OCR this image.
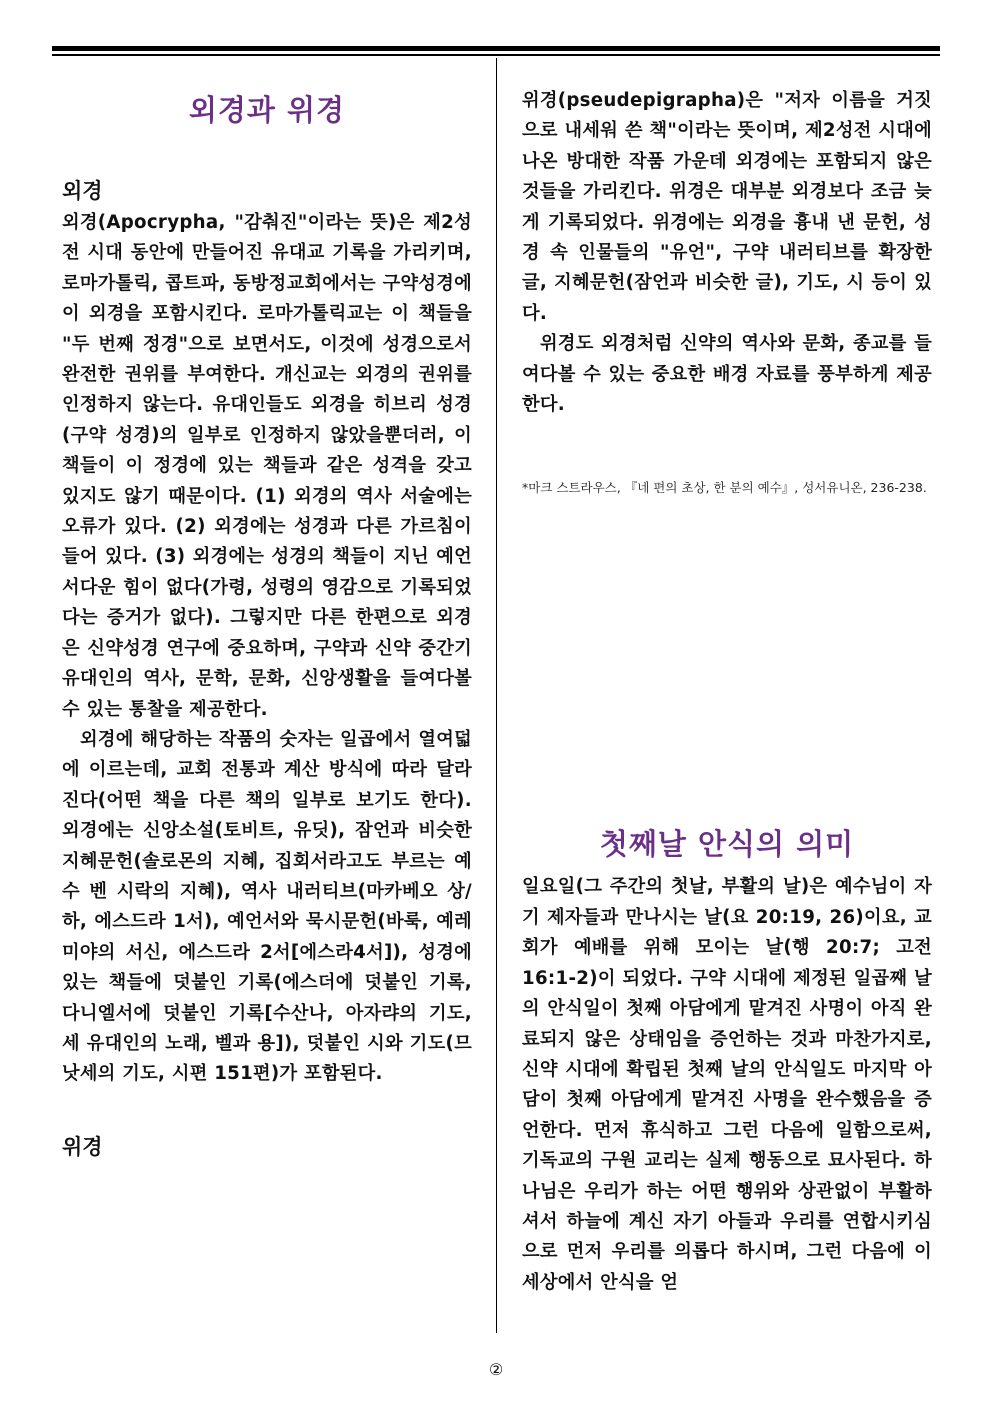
외경과 위경
외경

외경(Apocrypha, "감춰진"이라는 뜻)은 제2성전 시대 동안에 만들어진 유대교 기록을 가리키며, 로마가톨릭, 콥트파, 동방정교회에서는 구약성경에 이 외경을 포함시킨다. 로마가톨릭교는 이 책들을 "두 번째 정경"으로 보면서도, 이것에 성경으로서 완전한 권위를 부여한다. 개신교는 외경의 권위를 인정하지 않는다. 유대인들도 외경을 히브리 성경(구약 성경)의 일부로 인정하지 않았을뿐더러, 이 책들이 이 정경에 있는 책들과 같은 성격을 갖고 있지도 않기 때문이다. (1) 외경의 역사 서술에는 오류가 있다. (2) 외경에는 성경과 다른 가르침이 들어 있다. (3) 외경에는 성경의 책들이 지닌 예언서다운 힘이 없다(가령, 성령의 영감으로 기록되었다는 증거가 없다). 그렇지만 다른 한편으로 외경은 신약성경 연구에 중요하며, 구약과 신약 중간기 유대인의 역사, 문학, 문화, 신앙생활을 들여다볼 수 있는 통찰을 제공한다.

외경에 해당하는 작품의 숫자는 일곱에서 열여덟에 이르는데, 교회 전통과 계산 방식에 따라 달라진다(어떤 책을 다른 책의 일부로 보기도 한다). 외경에는 신앙소설(토비트, 유딧), 잠언과 비슷한 지혜문헌(솔로몬의 지혜, 집회서라고도 부르는 예수 벤 시락의 지혜), 역사 내러티브(마카베오 상/하, 에스드라 1서), 예언서와 묵시문헌(바룩, 예레미야의 서신, 에스드라 2서[에스라4서]), 성경에 있는 책들에 덧붙인 기록(에스더에 덧붙인 기록, 다니엘서에 덧붙인 기록[수산나, 아자랴의 기도, 세 유대인의 노래, 벨과 용]), 덧붙인 시와 기도(므낫세의 기도, 시편 151편)가 포함된다.

위경

위경(pseudepigrapha)은 "저자 이름을 거짓으로 내세워 쓴 책"이라는 뜻이며, 제2성전 시대에 나온 방대한 작품 가운데 외경에는 포함되지 않은 것들을 가리킨다. 위경은 대부분 외경보다 조금 늦게 기록되었다. 위경에는 외경을 흉내 낸 문헌, 성경 속 인물들의 "유언", 구약 내러티브를 확장한 글, 지혜문헌(잠언과 비슷한 글), 기도, 시 등이 있다.

위경도 외경처럼 신약의 역사와 문화, 종교를 들여다볼 수 있는 중요한 배경 자료를 풍부하게 제공한다.

*마크 스트라우스, 『네 편의 초상, 한 분의 예수』, 성서유니온, 236-238.
첫째날 안식의 의미

일요일(그 주간의 첫날, 부활의 날)은 예수님이 자기 제자들과 만나시는 날(요 20:19, 26)이요, 교회가 예배를 위해 모이는 날(행 20:7; 고전 16:1-2)이 되었다. 구약 시대에 제정된 일곱째 날의 안식일이 첫째 아담에게 맡겨진 사명이 아직 완료되지 않은 상태임을 증언하는 것과 마찬가지로, 신약 시대에 확립된 첫째 날의 안식일도 마지막 아담이 첫째 아담에게 맡겨진 사명을 완수했음을 증언한다. 먼저 휴식하고 그런 다음에 일함으로써, 기독교의 구원 교리는 실제 행동으로 묘사된다. 하나님은 우리가 하는 어떤 행위와 상관없이 부활하셔서 하늘에 계신 자기 아들과 우리를 연합시키심으로 먼저 우리를 의롭다 하시며, 그런 다음에 이 세상에서 안식을 얻

②
